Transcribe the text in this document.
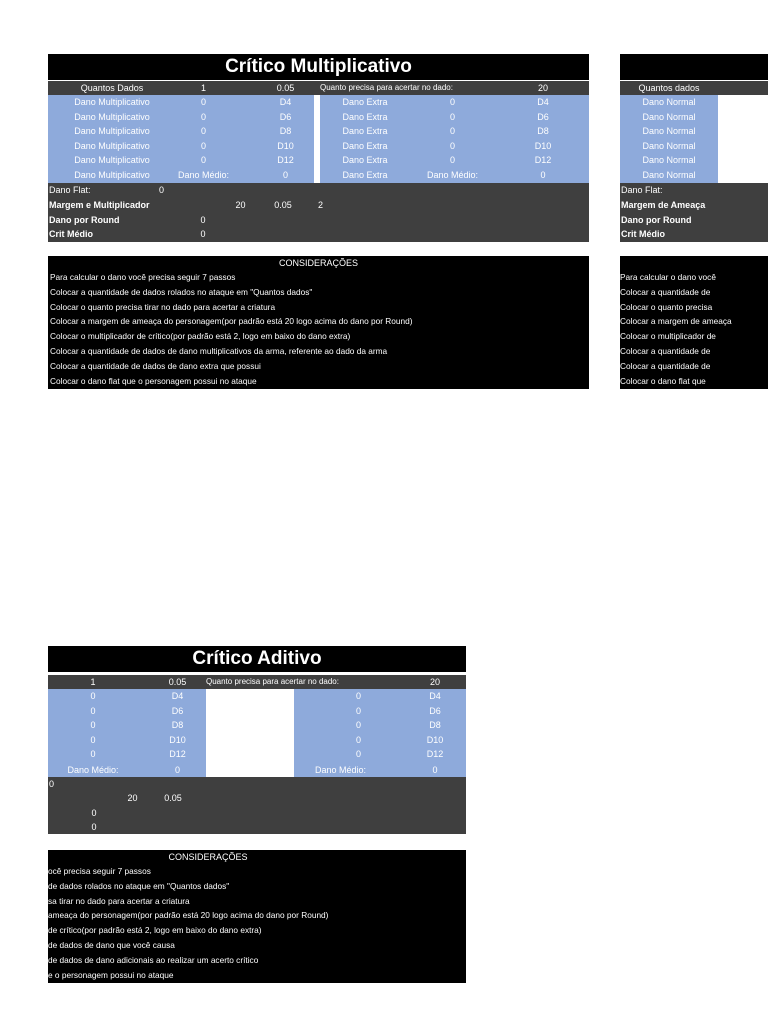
Crítico Multiplicativo
Quantos Dados	1	0.05	Quanto precisa para acertar no dado:	20
Dano Multiplicativo	0	D4	Dano Extra	0	D4
Dano Multiplicativo	0	D6	Dano Extra	0	D6
Dano Multiplicativo	0	D8	Dano Extra	0	D8
Dano Multiplicativo	0	D10	Dano Extra	0	D10
Dano Multiplicativo	0	D12	Dano Extra	0	D12
Dano Multiplicativo	Dano Médio:	0	Dano Extra	Dano Médio:	0
Dano Flat:	0
Margem e Multiplicador	20	0.05	2
Dano por Round	0
Crit Médio	0
CONSIDERAÇÕES
Para calcular o dano você precisa seguir 7 passos
Colocar a quantidade de dados rolados no ataque em "Quantos dados"
Colocar o quanto precisa tirar no dado para acertar a criatura
Colocar a margem de ameaça do personagem(por padrão está 20 logo acima do dano por Round)
Colocar o multiplicador de crítico(por padrão está 2, logo em baixo do dano extra)
Colocar a quantidade de dados de dano multiplicativos da arma, referente ao dado da arma
Colocar a quantidade de dados de dano extra que possui
Colocar o dano flat que o personagem possui no ataque
Quantos dados
Dano Normal
Dano Normal
Dano Normal
Dano Normal
Dano Normal
Dano Normal
Dano Flat:
Margem de Ameaça
Dano por Round
Crit Médio
Para calcular o dano você
Colocar a quantidade de
Colocar o quanto precisa
Colocar a margem de ameaça
Colocar o multiplicador de
Colocar a quantidade de
Colocar a quantidade de
Colocar o dano flat que
Crítico Aditivo
1	0.05	Quanto precisa para acertar no dado:	20
0	D4	Dano Crítico	0	D4
0	D6	Dano Crítico	0	D6
0	D8	Dano Crítico	0	D8
0	D10	Dano Crítico	0	D10
0	D12	Dano Crítico	0	D12
Dano Médio:	0	Dano Crítico	Dano Médio:	0
0
20	0.05
0
0
CONSIDERAÇÕES
ocê precisa seguir 7 passos
de dados rolados no ataque em "Quantos dados"
sa tirar no dado para acertar a criatura
ameaça do personagem(por padrão está 20 logo acima do dano por Round)
de crítico(por padrão está 2, logo em baixo do dano extra)
de dados de dano que você causa
de dados de dano adicionais ao realizar um acerto crítico
e o personagem possui no ataque
